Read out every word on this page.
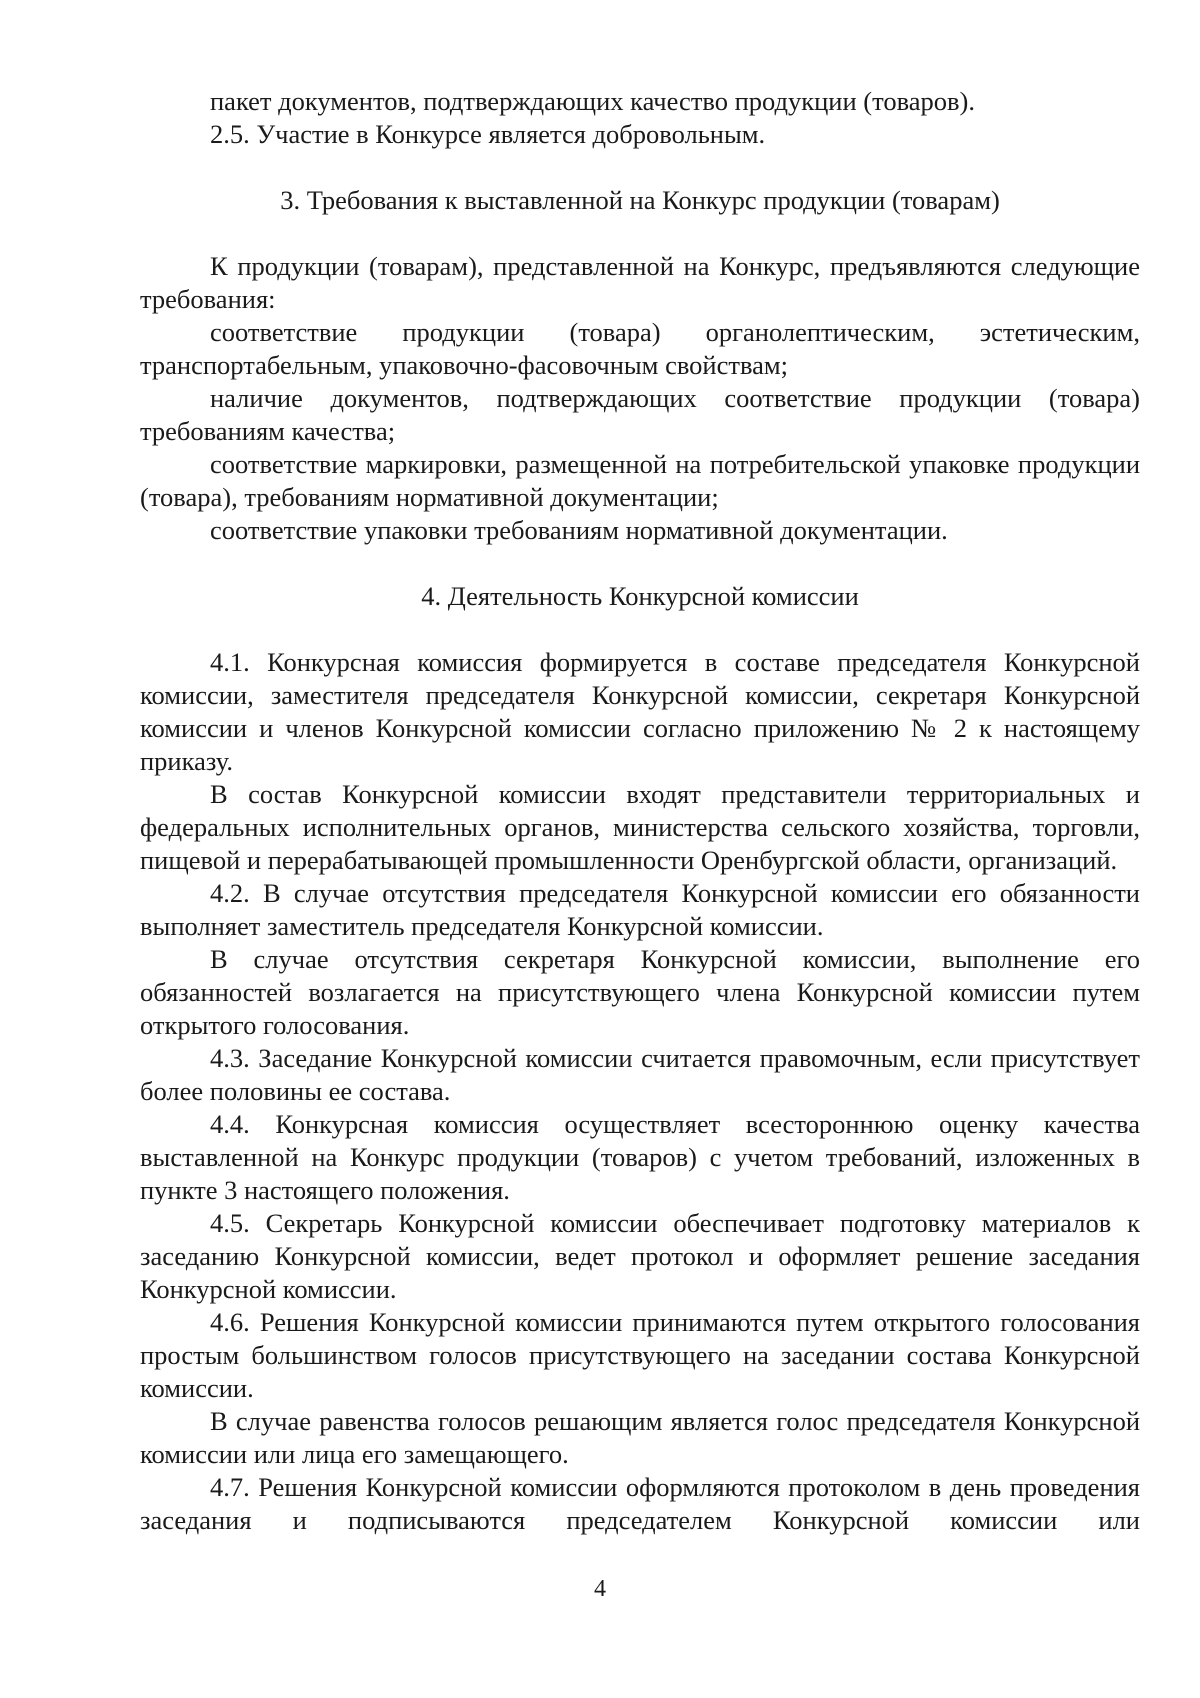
пакет документов, подтверждающих качество продукции (товаров).

2.5. Участие в Конкурсе является добровольным.

3. Требования к выставленной на Конкурс продукции (товарам)

К продукции (товарам), представленной на Конкурс, предъявляются следующие требования:

соответствие продукции (товара) органолептическим, эстетическим, транспортабельным, упаковочно-фасовочным свойствам;

наличие документов, подтверждающих соответствие продукции (товара) требованиям качества;

соответствие маркировки, размещенной на потребительской упаковке продукции (товара), требованиям нормативной документации;

соответствие упаковки требованиям нормативной документации.

4. Деятельность Конкурсной комиссии

4.1. Конкурсная комиссия формируется в составе председателя Конкурсной комиссии, заместителя председателя Конкурсной комиссии, секретаря Конкурсной комиссии и членов Конкурсной комиссии согласно приложению № 2 к настоящему приказу.

В состав Конкурсной комиссии входят представители территориальных и федеральных исполнительных органов, министерства сельского хозяйства, торговли, пищевой и перерабатывающей промышленности Оренбургской области, организаций.

4.2. В случае отсутствия председателя Конкурсной комиссии его обязанности выполняет заместитель председателя Конкурсной комиссии.

В случае отсутствия секретаря Конкурсной комиссии, выполнение его обязанностей возлагается на присутствующего члена Конкурсной комиссии путем открытого голосования.

4.3. Заседание Конкурсной комиссии считается правомочным, если присутствует более половины ее состава.

4.4. Конкурсная комиссия осуществляет всестороннюю оценку качества выставленной на Конкурс продукции (товаров) с учетом требований, изложенных в пункте 3 настоящего положения.

4.5. Секретарь Конкурсной комиссии обеспечивает подготовку материалов к заседанию Конкурсной комиссии, ведет протокол и оформляет решение заседания Конкурсной комиссии.

4.6. Решения Конкурсной комиссии принимаются путем открытого голосования простым большинством голосов присутствующего на заседании состава Конкурсной комиссии.

В случае равенства голосов решающим является голос председателя Конкурсной комиссии или лица его замещающего.

4.7. Решения Конкурсной комиссии оформляются протоколом в день проведения заседания и подписываются председателем Конкурсной комиссии или

4
